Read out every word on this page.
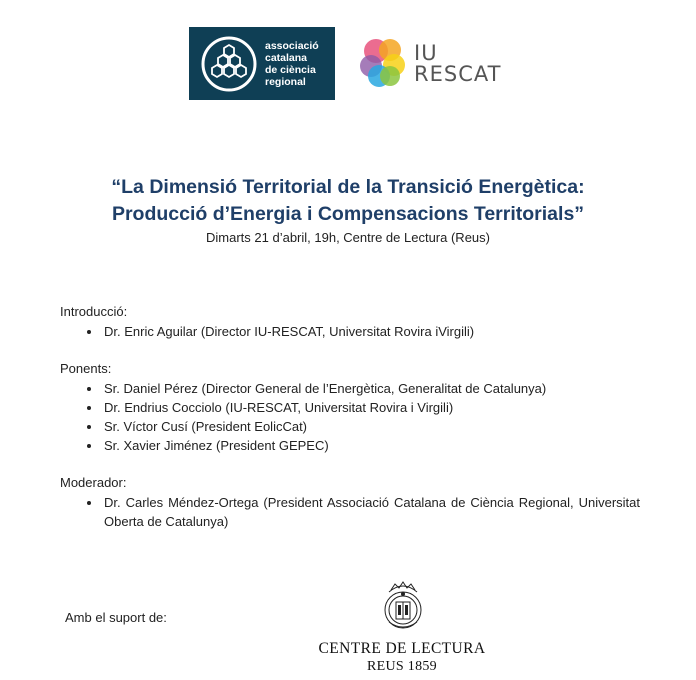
associació
catalana
de ciència
regional
IU
RESCAT
“La Dimensió Territorial de la Transició Energètica:
Producció d’Energia i Compensacions Territorials”
Dimarts 21 d’abril, 19h, Centre de Lectura (Reus)
Introducció:
Dr. Enric Aguilar (Director IU-RESCAT, Universitat Rovira iVirgili)
Ponents:
Sr. Daniel Pérez (Director General de l’Energètica, Generalitat de Catalunya)
Dr. Endrius Cocciolo (IU-RESCAT, Universitat Rovira i Virgili)
Sr. Víctor Cusí (President EolicCat)
Sr. Xavier Jiménez (President GEPEC)
Moderador:
Dr. Carles Méndez-Ortega (President Associació Catalana de Ciència Regional, Universitat Oberta de Catalunya)
Amb el suport de:
CENTRE DE LECTURA
REUS 1859
